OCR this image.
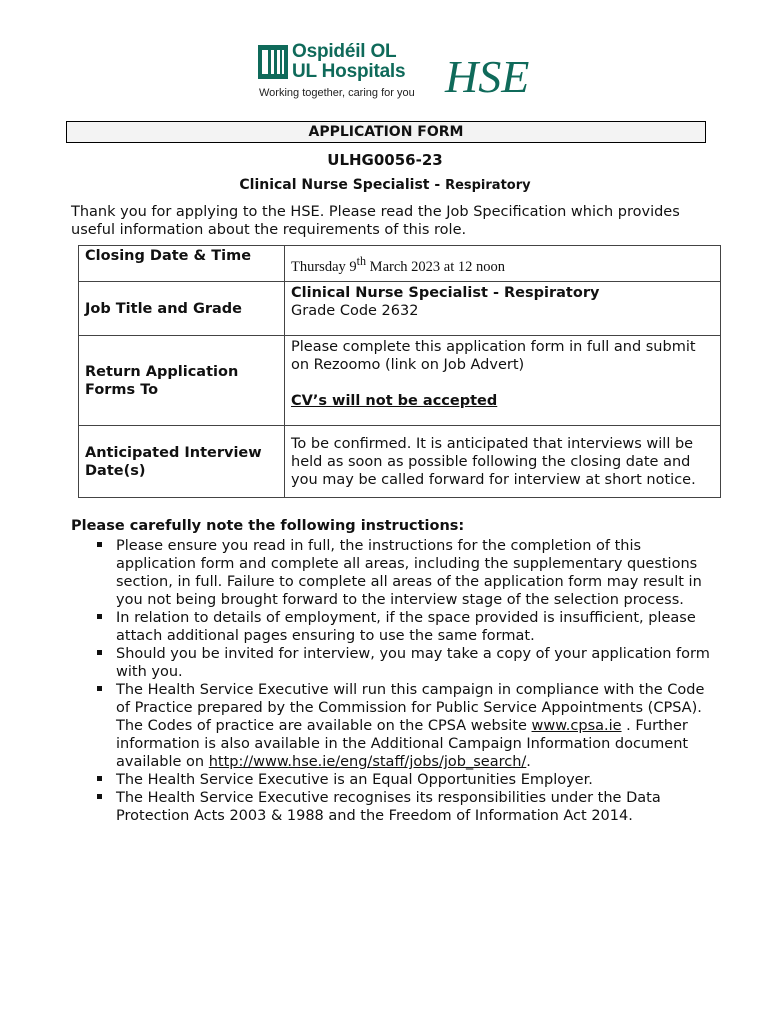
Ospidéil OL
UL Hospitals
Working together, caring for you HSE
APPLICATION FORM
ULHG0056-23
Clinical Nurse Specialist - Respiratory
Thank you for applying to the HSE. Please read the Job Specification which provides useful information about the requirements of this role.
Closing Date & Time	Thursday 9th March 2023 at 12 noon
Job Title and Grade	Clinical Nurse Specialist - Respiratory
Grade Code 2632

Return Application Forms To	Please complete this application form in full and submit on Rezoomo (link on Job Advert)
CV’s will not be accepted

Anticipated Interview Date(s)	To be confirmed. It is anticipated that interviews will be held as soon as possible following the closing date and you may be called forward for interview at short notice.
Please carefully note the following instructions:
Please ensure you read in full, the instructions for the completion of this application form and complete all areas, including the supplementary questions section, in full. Failure to complete all areas of the application form may result in you not being brought forward to the interview stage of the selection process.
In relation to details of employment, if the space provided is insufficient, please attach additional pages ensuring to use the same format.
Should you be invited for interview, you may take a copy of your application form with you.
The Health Service Executive will run this campaign in compliance with the Code of Practice prepared by the Commission for Public Service Appointments (CPSA). The Codes of practice are available on the CPSA website www.cpsa.ie . Further information is also available in the Additional Campaign Information document available on http://www.hse.ie/eng/staff/jobs/job_search/.
The Health Service Executive is an Equal Opportunities Employer.
The Health Service Executive recognises its responsibilities under the Data Protection Acts 2003 & 1988 and the Freedom of Information Act 2014.
